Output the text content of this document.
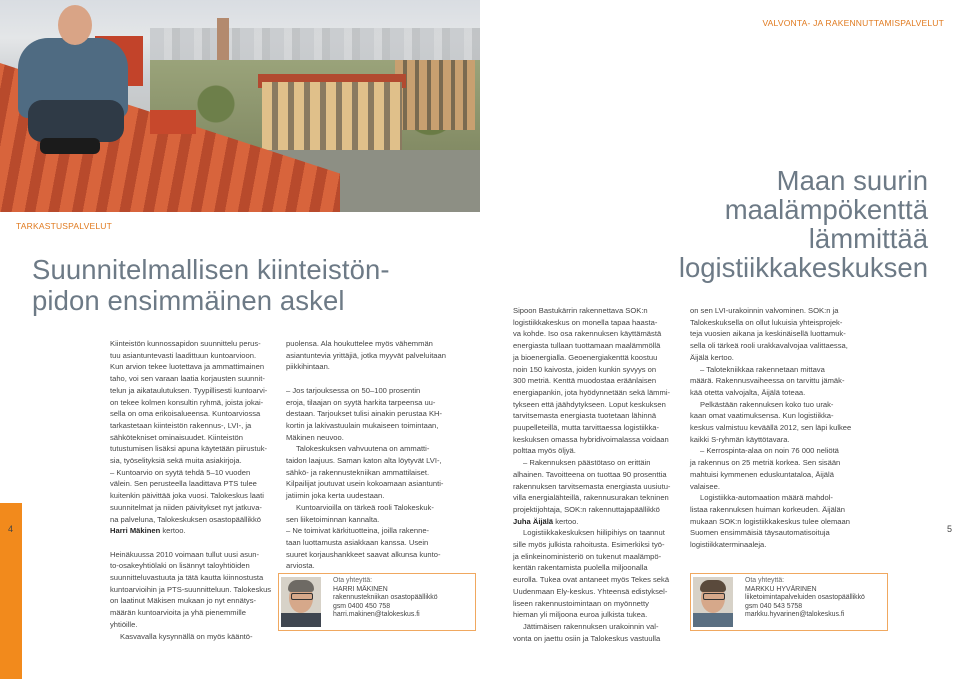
TARKASTUSPALVELUT
Suunnitelmallisen kiinteistön-
pidon ensimmäinen askel
4

Kiinteistön kunnossapidon suunnittelu perus-
tuu asiantuntevasti laadittuun kuntoarvioon.
Kun arvion tekee luotettava ja ammattimainen
taho, voi sen varaan laatia korjausten suunnit-
telun ja aikataulutuksen. Tyypillisesti kuntoarvi-
on tekee kolmen konsultin ryhmä, joista jokai-
sella on oma erikoisalueensa. Kuntoarviossa
tarkastetaan kiinteistön rakennus-, LVI-, ja
sähkötekniset ominaisuudet. Kiinteistön
tutustumisen lisäksi apuna käytetään piirustuk-
sia, työselityksiä sekä muita asiakirjoja.

– Kuntoarvio on syytä tehdä 5–10 vuoden
välein. Sen perusteella laadittava PTS tulee
kuitenkin päivittää joka vuosi. Talokeskus laati
suunnitelmat ja niiden päivitykset nyt jatkuva-
na palveluna, Talokeskuksen osastopäällikkö
Harri Mäkinen kertoo.

Heinäkuussa 2010 voimaan tullut uusi asun-
to-osakeyhtiölaki on lisännyt taloyhtiöiden
suunnitteluvastuuta ja tätä kautta kiinnostusta
kuntoarvioihin ja PTS-suunnitteluun. Talokeskus
on laatinut Mäkisen mukaan jo nyt ennätys-
määrän kuntoarvioita ja yhä pienemmille
yhtiöille.

Kasvavalla kysynnällä on myös kääntö-

puolensa. Ala houkuttelee myös vähemmän
asiantuntevia yrittäjiä, jotka myyvät palveluitaan
piikkihintaan.

– Jos tarjouksessa on 50–100 prosentin
eroja, tilaajan on syytä harkita tarpeensa uu-
destaan. Tarjoukset tulisi ainakin perustaa KH-
kortin ja lakivastuulain mukaiseen toimintaan,
Mäkinen neuvoo.

Talokeskuksen vahvuutena on ammatti-
taidon laajuus. Saman katon alta löytyvät LVI-,
sähkö- ja rakennustekniikan ammattilaiset.
Kilpailijat joutuvat usein kokoamaan asiantunti-
jatiimin joka kerta uudestaan.

Kuntoarvioilla on tärkeä rooli Talokeskuk-
sen liiketoiminnan kannalta.

– Ne toimivat kärkituotteina, joilla rakenne-
taan luottamusta asiakkaan kanssa. Usein
suuret korjaushankkeet saavat alkunsa kunto-
arviosta.

Ota yhteyttä:
HARRI MÄKINEN
rakennustekniikan osastopäällikkö
gsm 0400 450 758
harri.makinen@talokeskus.fi
VALVONTA- JA RAKENNUTTAMISPALVELUT
Maan suurin
maalämpökenttä
lämmittää
logistiikkakeskuksen

Sipoon Bastukärrin rakennettava SOK:n
logistiikkakeskus on monella tapaa haasta-
va kohde. Iso osa rakennuksen käyttämästä
energiasta tullaan tuottamaan maalämmöllä
ja bioenergialla. Geoenergiakenttä koostuu
noin 150 kaivosta, joiden kunkin syvyys on
300 metriä. Kenttä muodostaa eräänlaisen
energiapankin, jota hyödynnetään sekä lämmi-
tykseen että jäähdytykseen. Loput keskuksen
tarvitsemasta energiasta tuotetaan lähinnä
puupelleteillä, mutta tarvittaessa logistiikka-
keskuksen omassa hybridivoimalassa voidaan
polttaa myös öljyä.

– Rakennuksen päästötaso on erittäin
alhainen. Tavoitteena on tuottaa 90 prosenttia
rakennuksen tarvitsemasta energiasta uusiutu-
villa energialähteillä, rakennusurakan tekninen
projektijohtaja, SOK:n rakennuttajapäällikkö
Juha Äijälä kertoo.

Logistiikkakeskuksen hiilipihiys on taannut
sille myös julkista rahoitusta. Esimerkiksi työ-
ja elinkeinoministeriö on tukenut maalämpö-
kentän rakentamista puolella miljoonalla
eurolla. Tukea ovat antaneet myös Tekes sekä
Uudenmaan Ely-keskus. Yhteensä edistyksel-
liseen rakennustoimintaan on myönnetty
hieman yli miljoona euroa julkista tukea.

Jättimäisen rakennuksen urakoinnin val-
vonta on jaettu osiin ja Talokeskus vastuulla

on sen LVI-urakoinnin valvominen. SOK:n ja
Talokeskuksella on ollut lukuisia yhteisprojek-
teja vuosien aikana ja keskinäisellä luottamuk-
sella oli tärkeä rooli urakkavalvojaa valittaessa,
Äijälä kertoo.

– Talotekniikkaa rakennetaan mittava
määrä. Rakennusvaiheessa on tarvittu jämäk-
kää otetta valvojalta, Äijälä toteaa.

Pelkästään rakennuksen koko tuo urak-
kaan omat vaatimuksensa. Kun logistiikka-
keskus valmistuu keväällä 2012, sen läpi kulkee
kaikki S-ryhmän käyttötavara.

– Kerrospinta-alaa on noin 76 000 neliötä
ja rakennus on 25 metriä korkea. Sen sisään
mahtuisi kymmenen eduskuntataloa, Äijälä
valaisee.

Logistiikka-automaation määrä mahdol-
listaa rakennuksen huiman korkeuden. Äijälän
mukaan SOK:n logistiikkakeskus tulee olemaan
Suomen ensimmäisiä täysautomatisoituja
logistiikkaterminaaleja.

5
Ota yhteyttä:
MARKKU HYVÄRINEN
liiketoimintapalveluiden osastopäällikkö
gsm 040 543 5758
markku.hyvarinen@talokeskus.fi
